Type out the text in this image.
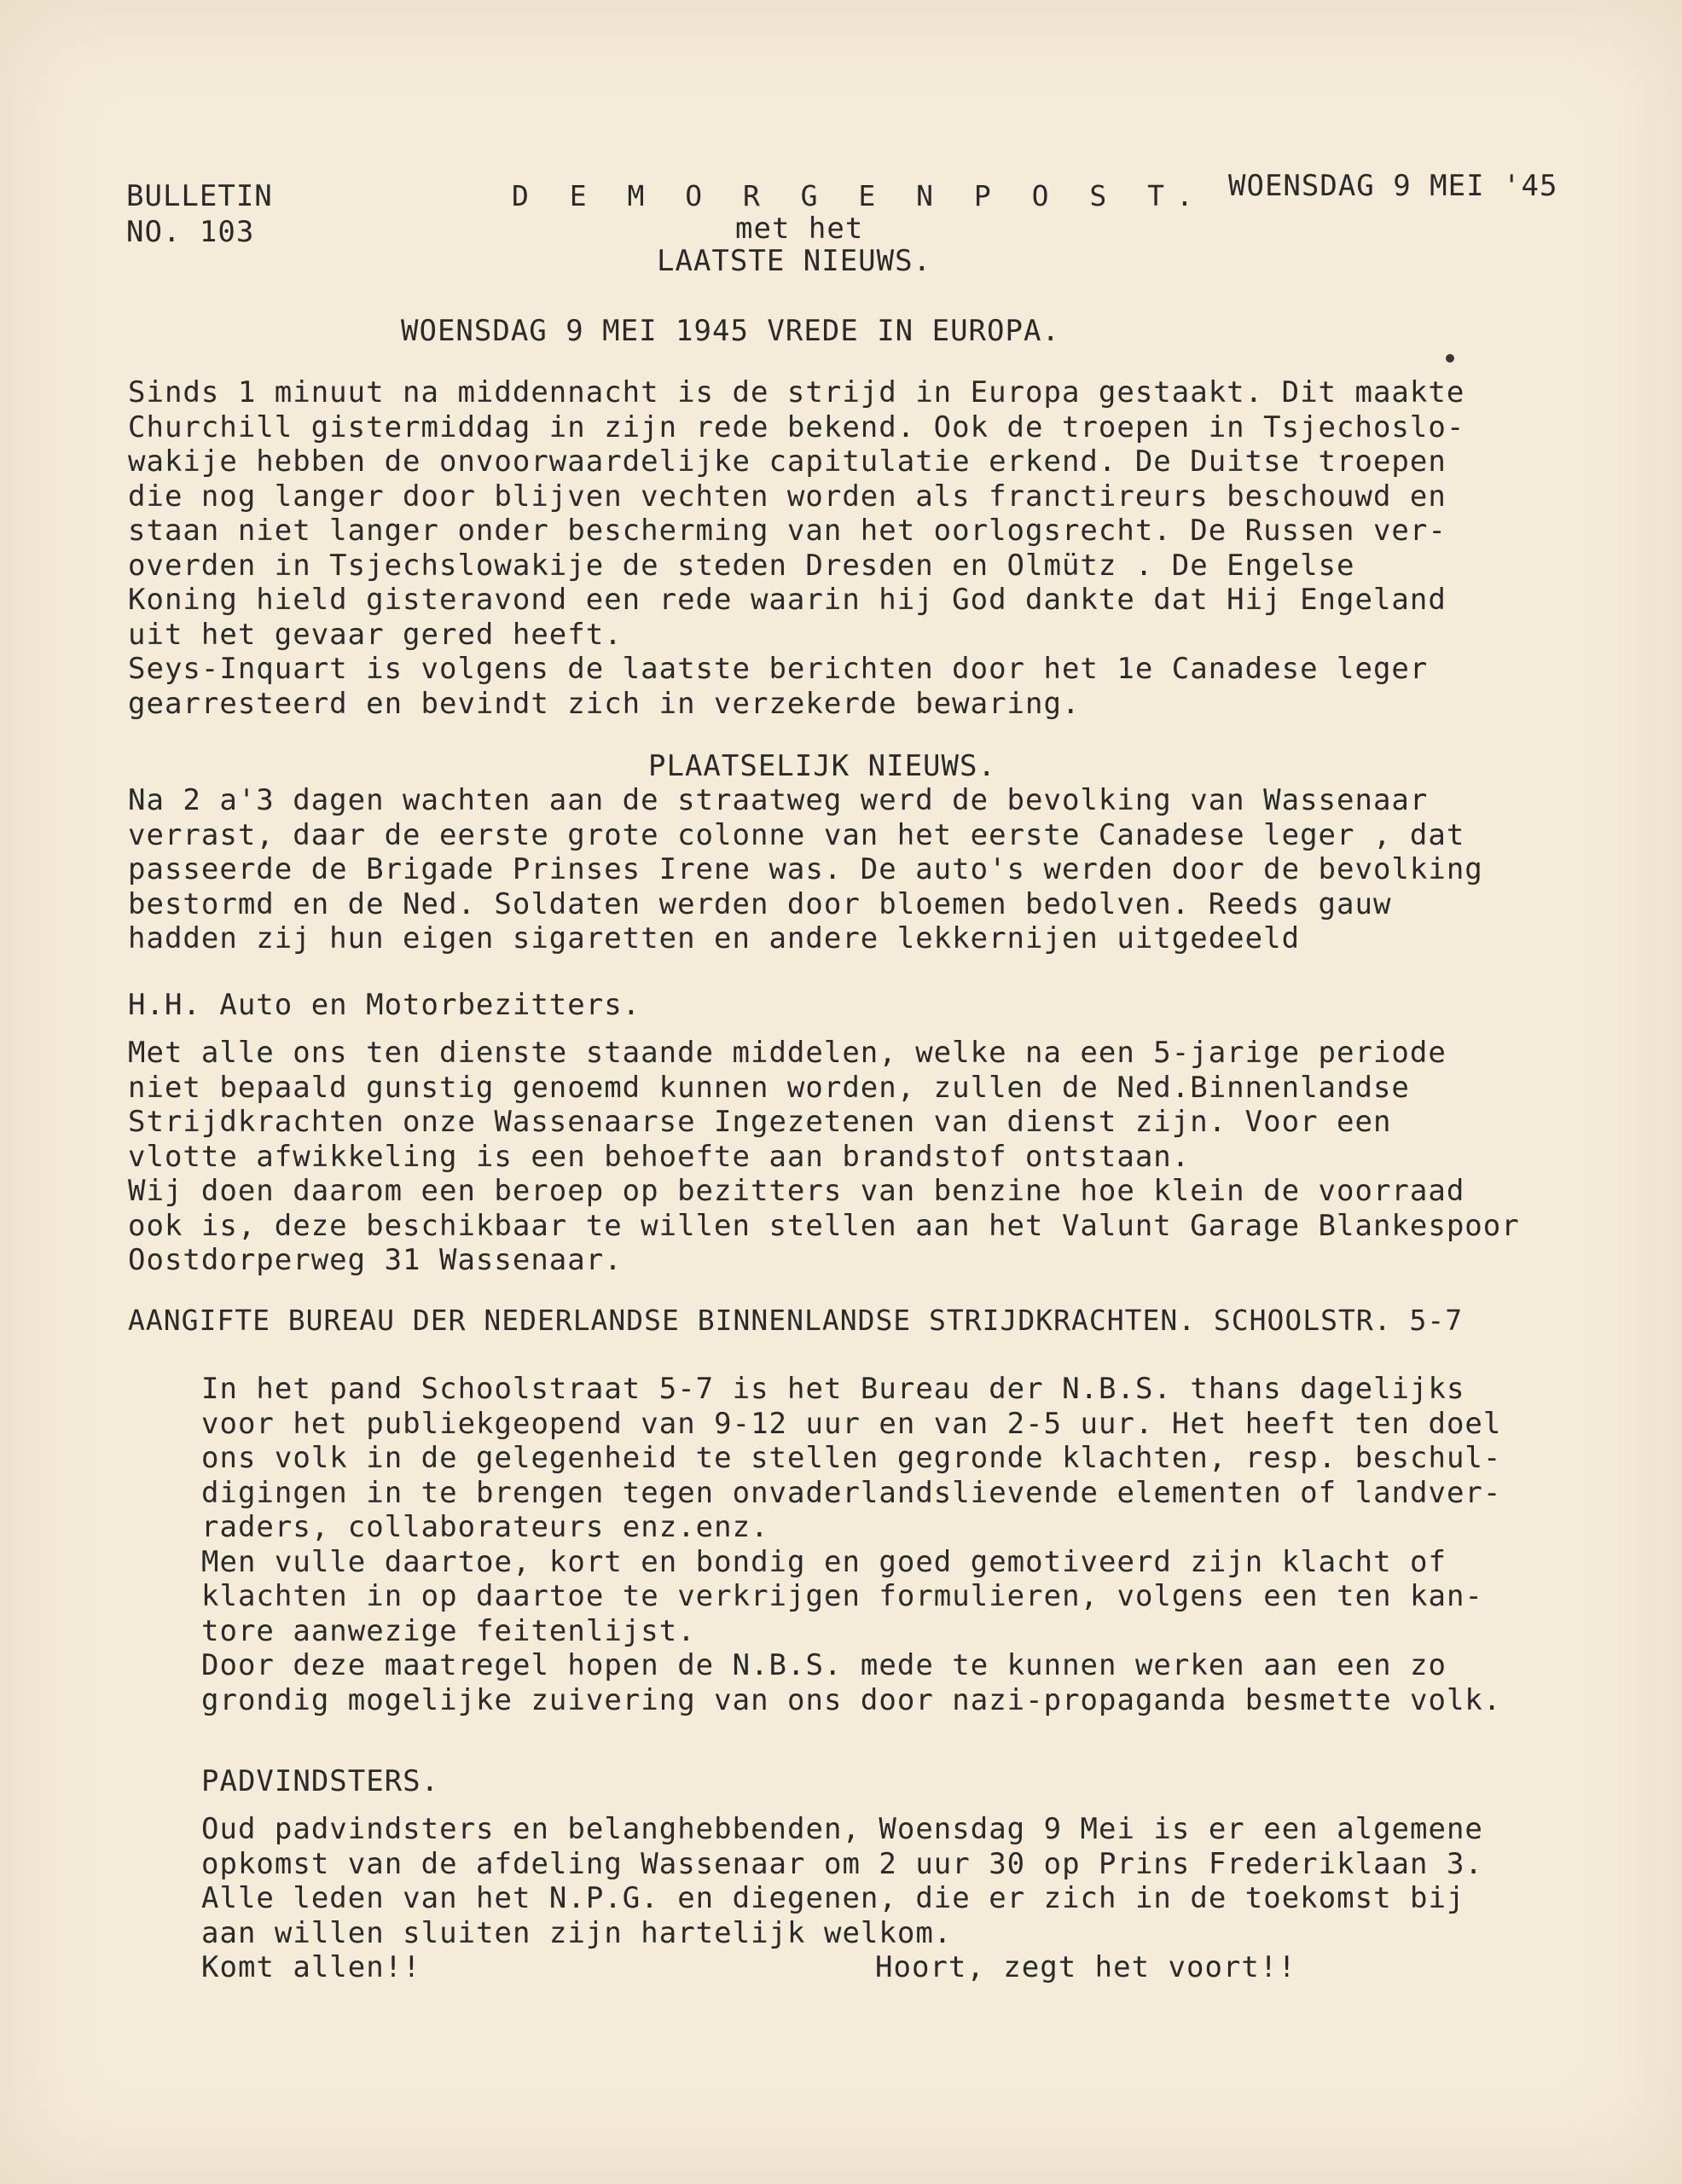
BULLETIN
NO. 103
D E M O R G E N P O S T.
met het
LAATSTE NIEUWS.
WOENSDAG 9 MEI '45
WOENSDAG 9 MEI 1945 VREDE IN EUROPA.
Sinds 1 minuut na middennacht is de strijd in Europa gestaakt. Dit maakte
Churchill gistermiddag in zijn rede bekend. Ook de troepen in Tsjechoslo-
wakije hebben de onvoorwaardelijke capitulatie erkend. De Duitse troepen
die nog langer door blijven vechten worden als franctireurs beschouwd en
staan niet langer onder bescherming van het oorlogsrecht. De Russen ver-
overden in Tsjechslowakije de steden Dresden en Olmütz . De Engelse
Koning hield gisteravond een rede waarin hij God dankte dat Hij Engeland
uit het gevaar gered heeft.
Seys-Inquart is volgens de laatste berichten door het 1e Canadese leger
gearresteerd en bevindt zich in verzekerde bewaring.
PLAATSELIJK NIEUWS.
Na 2 a'3 dagen wachten aan de straatweg werd de bevolking van Wassenaar
verrast, daar de eerste grote colonne van het eerste Canadese leger , dat
passeerde de Brigade Prinses Irene was. De auto's werden door de bevolking
bestormd en de Ned. Soldaten werden door bloemen bedolven. Reeds gauw
hadden zij hun eigen sigaretten en andere lekkernijen uitgedeeld
H.H. Auto en Motorbezitters.
Met alle ons ten dienste staande middelen, welke na een 5-jarige periode
niet bepaald gunstig genoemd kunnen worden, zullen de Ned.Binnenlandse
Strijdkrachten onze Wassenaarse Ingezetenen van dienst zijn. Voor een
vlotte afwikkeling is een behoefte aan brandstof ontstaan.
Wij doen daarom een beroep op bezitters van benzine hoe klein de voorraad
ook is, deze beschikbaar te willen stellen aan het Valunt Garage Blankespoor
Oostdorperweg 31 Wassenaar.
AANGIFTE BUREAU DER NEDERLANDSE BINNENLANDSE STRIJDKRACHTEN. SCHOOLSTR. 5-7
In het pand Schoolstraat 5-7 is het Bureau der N.B.S. thans dagelijks
voor het publiekgeopend van 9-12 uur en van 2-5 uur. Het heeft ten doel
ons volk in de gelegenheid te stellen gegronde klachten, resp. beschul-
digingen in te brengen tegen onvaderlandslievende elementen of landver-
raders, collaborateurs enz.enz.
Men vulle daartoe, kort en bondig en goed gemotiveerd zijn klacht of
klachten in op daartoe te verkrijgen formulieren, volgens een ten kan-
tore aanwezige feitenlijst.
Door deze maatregel hopen de N.B.S. mede te kunnen werken aan een zo
grondig mogelijke zuivering van ons door nazi-propaganda besmette volk.
PADVINDSTERS.
Oud padvindsters en belanghebbenden, Woensdag 9 Mei is er een algemene
opkomst van de afdeling Wassenaar om 2 uur 30 op Prins Frederiklaan 3.
Alle leden van het N.P.G. en diegenen, die er zich in de toekomst bij
aan willen sluiten zijn hartelijk welkom.
Komt allen!!	Hoort, zegt het voort!!
